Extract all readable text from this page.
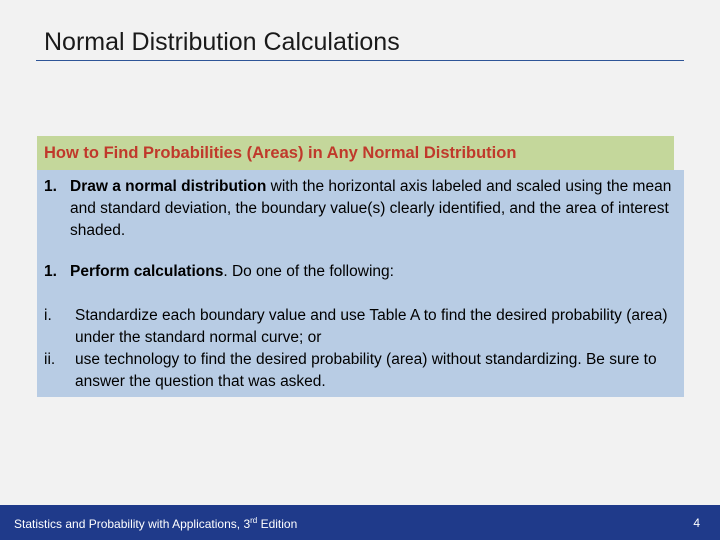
Normal Distribution Calculations
How to Find Probabilities (Areas) in Any Normal Distribution
1. Draw a normal distribution with the horizontal axis labeled and scaled using the mean and standard deviation, the boundary value(s) clearly identified, and the area of interest shaded.
1. Perform calculations. Do one of the following:
i. Standardize each boundary value and use Table A to find the desired probability (area) under the standard normal curve; or
ii. use technology to find the desired probability (area) without standardizing. Be sure to answer the question that was asked.
Statistics and Probability with Applications, 3rd Edition	4
